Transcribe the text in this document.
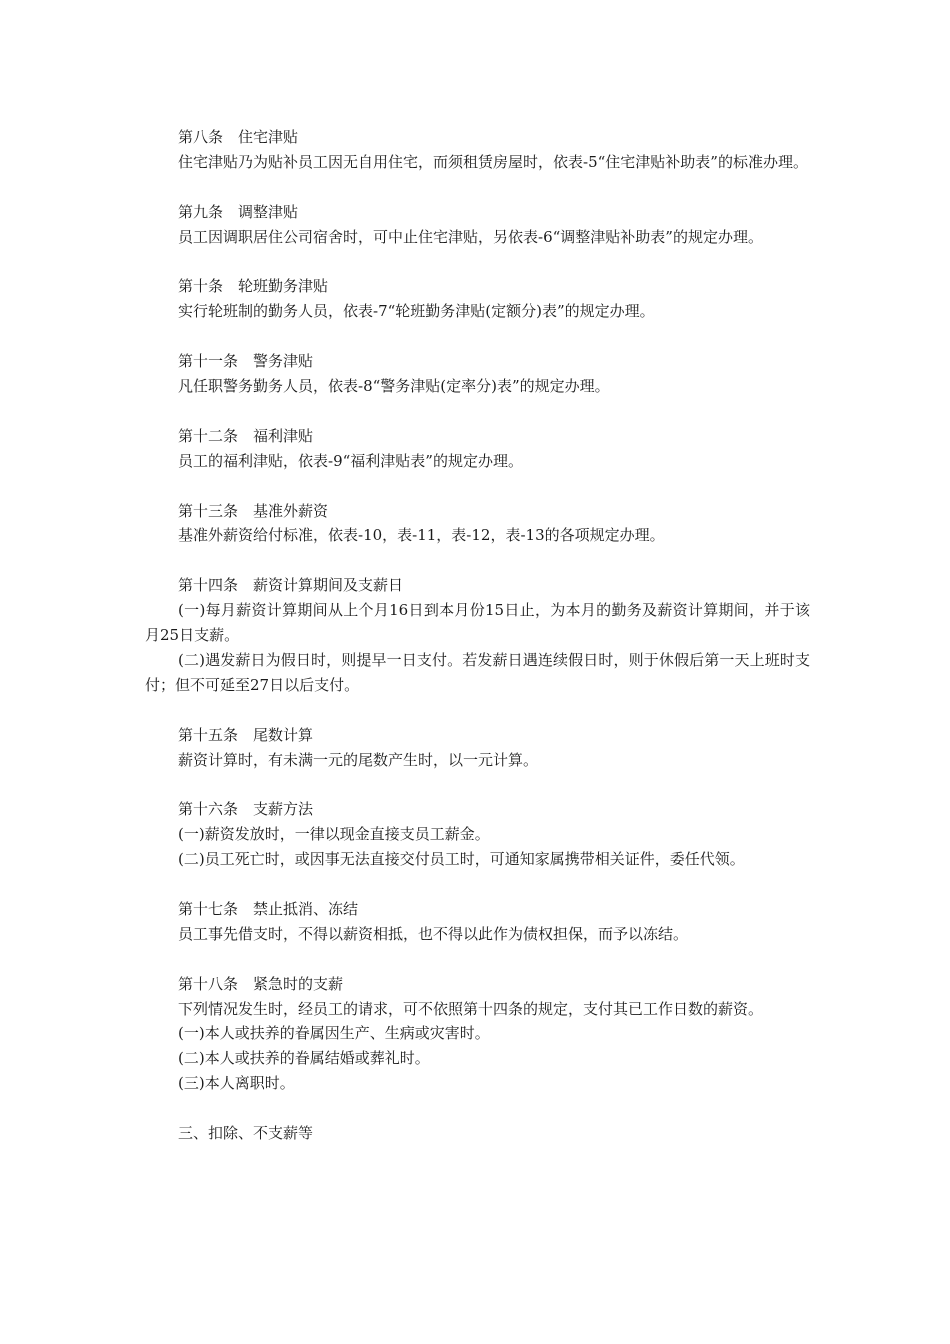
第八条　住宅津贴

住宅津贴乃为贴补员工因无自用住宅，而须租赁房屋时，依表-5“住宅津贴补助表”的标准办理。

第九条　调整津贴

员工因调职居住公司宿舍时，可中止住宅津贴，另依表-6“调整津贴补助表”的规定办理。

第十条　轮班勤务津贴

实行轮班制的勤务人员，依表-7“轮班勤务津贴(定额分)表”的规定办理。

第十一条　警务津贴

凡任职警务勤务人员，依表-8“警务津贴(定率分)表”的规定办理。

第十二条　福利津贴

员工的福利津贴，依表-9“福利津贴表”的规定办理。

第十三条　基准外薪资

基准外薪资给付标准，依表-10，表-11，表-12，表-13的各项规定办理。

第十四条　薪资计算期间及支薪日

(一)每月薪资计算期间从上个月16日到本月份15日止，为本月的勤务及薪资计算期间，并于该月25日支薪。

(二)遇发薪日为假日时，则提早一日支付。若发薪日遇连续假日时，则于休假后第一天上班时支付；但不可延至27日以后支付。

第十五条　尾数计算

薪资计算时，有未满一元的尾数产生时，以一元计算。

第十六条　支薪方法

(一)薪资发放时，一律以现金直接支员工薪金。

(二)员工死亡时，或因事无法直接交付员工时，可通知家属携带相关证件，委任代领。

第十七条　禁止抵消、冻结

员工事先借支时，不得以薪资相抵，也不得以此作为债权担保，而予以冻结。

第十八条　紧急时的支薪

下列情况发生时，经员工的请求，可不依照第十四条的规定，支付其已工作日数的薪资。

(一)本人或扶养的眷属因生产、生病或灾害时。

(二)本人或扶养的眷属结婚或葬礼时。

(三)本人离职时。

三、扣除、不支薪等
